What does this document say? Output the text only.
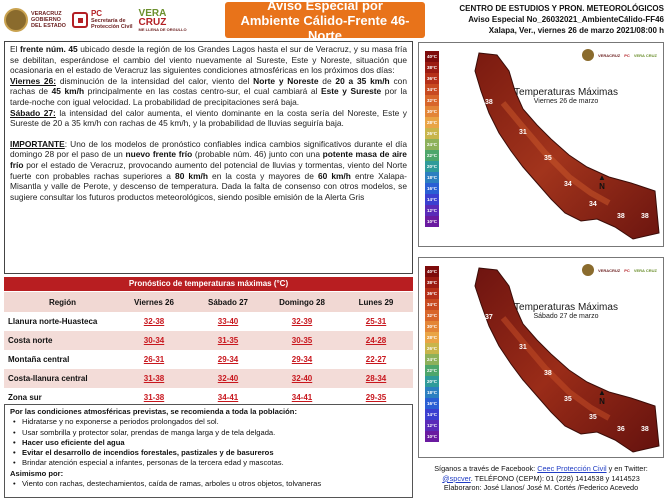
VERACRUZ
GOBIERNO
DEL ESTADO
PC
Secretaría de
Protección Civil
VERA
CRUZ
ME LLENA DE ORGULLO
Aviso Especial por
Ambiente Cálido-Frente 46-Norte
CENTRO DE ESTUDIOS Y PRON. METEOROLÓGICOS
Aviso Especial No_26032021_AmbienteCálido-FF46
Xalapa, Ver., viernes 26 de marzo 2021/08:00 h

El frente núm. 45 ubicado desde la región de los Grandes Lagos hasta el sur de Veracruz, y su masa fría se debilitan, esperándose el cambio del viento nuevamente al Sureste, Este y Noreste, situación que ocasionaria en el estado de Veracruz las siguientes condiciones atmosféricas en los próximos dos días:

Viernes 26: disminución de la intensidad del calor, viento del Norte y Noreste de 20 a 35 km/h con rachas de 45 km/h principalmente en las costas centro-sur, el cual cambiará al Este y Sureste por la tarde-noche con igual velocidad. La probabilidad de precipitaciones será baja.

Sábado 27: la intensidad del calor aumenta, el viento dominante en la costa sería del Noreste, Este y Sureste de 20 a 35 km/h con rachas de 45 km/h, y la probabilidad de lluvias seguiría baja.

IMPORTANTE: Uno de los modelos de pronóstico confiables indica cambios significativos durante el día domingo 28 por el paso de un nuevo frente frío (probable núm. 46) junto con una potente masa de aire frío por el estado de Veracruz, provocando aumento del potencial de lluvias y tormentas, viento del Norte fuerte con probables rachas superiores a 80 km/h en la costa y mayores de 60 km/h entre Xalapa-Misantla y valle de Perote, y descenso de temperatura. Dada la falta de consenso con otros modelos, se sugiere consultar los futuros productos meteorológicos, siendo posible emisión de la Alerta Gris

Pronóstico de temperaturas máximas (°C)
Región	Viernes 26	Sábado 27	Domingo 28	Lunes 29
Llanura norte-Huasteca	32-38	33-40	32-39	25-31
Costa norte	30-34	31-35	30-35	24-28
Montaña central	26-31	29-34	29-34	22-27
Costa-llanura central	31-38	32-40	32-40	28-34
Zona sur	31-38	34-41	34-41	29-35
Por las condiciones atmosféricas previstas, se recomienda a toda la población:
• Hidratarse y no exponerse a periodos prolongados del sol.
• Usar sombrilla y protector solar, prendas de manga larga y de tela delgada.
• Hacer uso eficiente del agua
• Evitar el desarrollo de incendios forestales, pastizales y de basureros
• Brindar atención especial a infantes, personas de la tercera edad y mascotas.
Asimismo por:
• Viento con rachas, destechamientos, caída de ramas, arboles u otros objetos, tolvaneras
40°C
38°C
36°C
34°C
32°C
30°C
28°C
26°C
24°C
22°C
20°C
18°C
16°C
14°C
12°C
10°C
VERACRUZ PC VERA CRUZ
Temperaturas Máximas
Viernes 26 de marzo
▲
N
38
31
35
34
34
38 38
40°C
38°C
36°C
34°C
32°C
30°C
28°C
26°C
24°C
22°C
20°C
18°C
16°C
14°C
12°C
10°C
VERACRUZ PC VERA CRUZ
Temperaturas Máximas
Sábado 27 de marzo
▲
N
37
31
38
35
35
36 38
Síganos a través de Facebook: Ceec Protección Civil y en Twitter:
@spcver. TELÉFONO (CEPM): 01 (228) 1414538 y 1414523
Elaboraron: José Llanos/ José M. Cortés /Federico Acevedo
